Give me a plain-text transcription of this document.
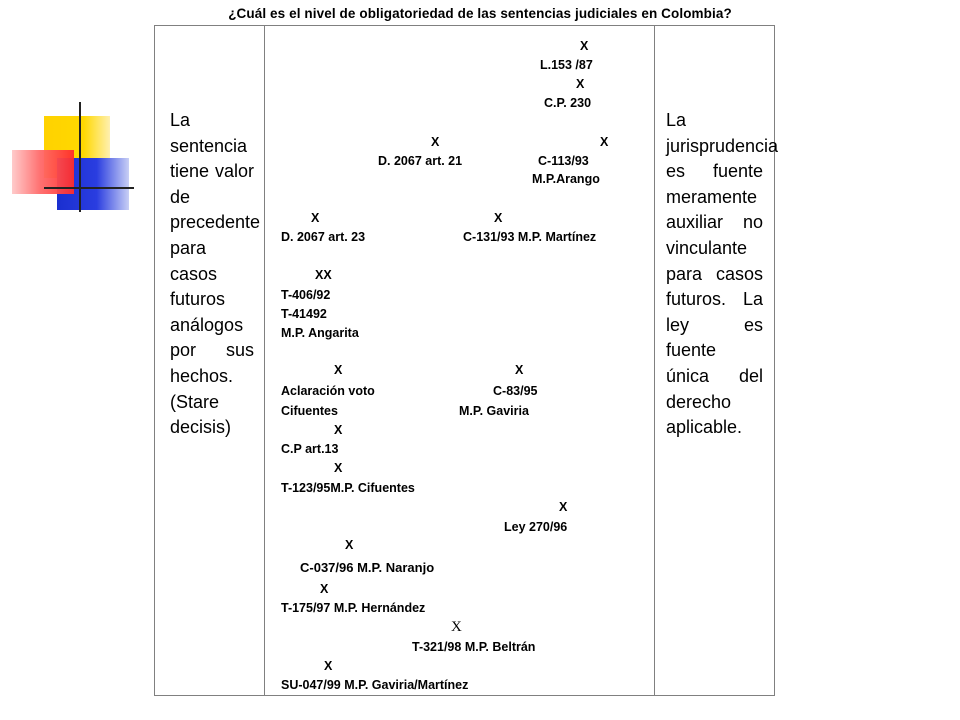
¿Cuál es el nivel de obligatoriedad de las sentencias judiciales en Colombia?
La sentencia tiene valor de precedente para casos futuros análogos por sus hechos. (Stare decisis)
La jurisprudencia es fuente meramente auxiliar no vinculante para casos futuros. La ley es fuente única del derecho aplicable.
X
L.153 /87
X
C.P. 230
X	X
D. 2067 art. 21	C-113/93
M.P.Arango
X	X
D. 2067 art. 23	C-131/93 M.P. Martínez
XX
T-406/92
T-41492
M.P. Angarita
X	X
Aclaración voto	C-83/95
Cifuentes	M.P. Gaviria
X
C.P art.13
X
T-123/95M.P. Cifuentes
X
Ley 270/96
X
C-037/96 M.P. Naranjo
X
T-175/97 M.P. Hernández
X
T-321/98 M.P. Beltrán
X
SU-047/99 M.P. Gaviria/Martínez
